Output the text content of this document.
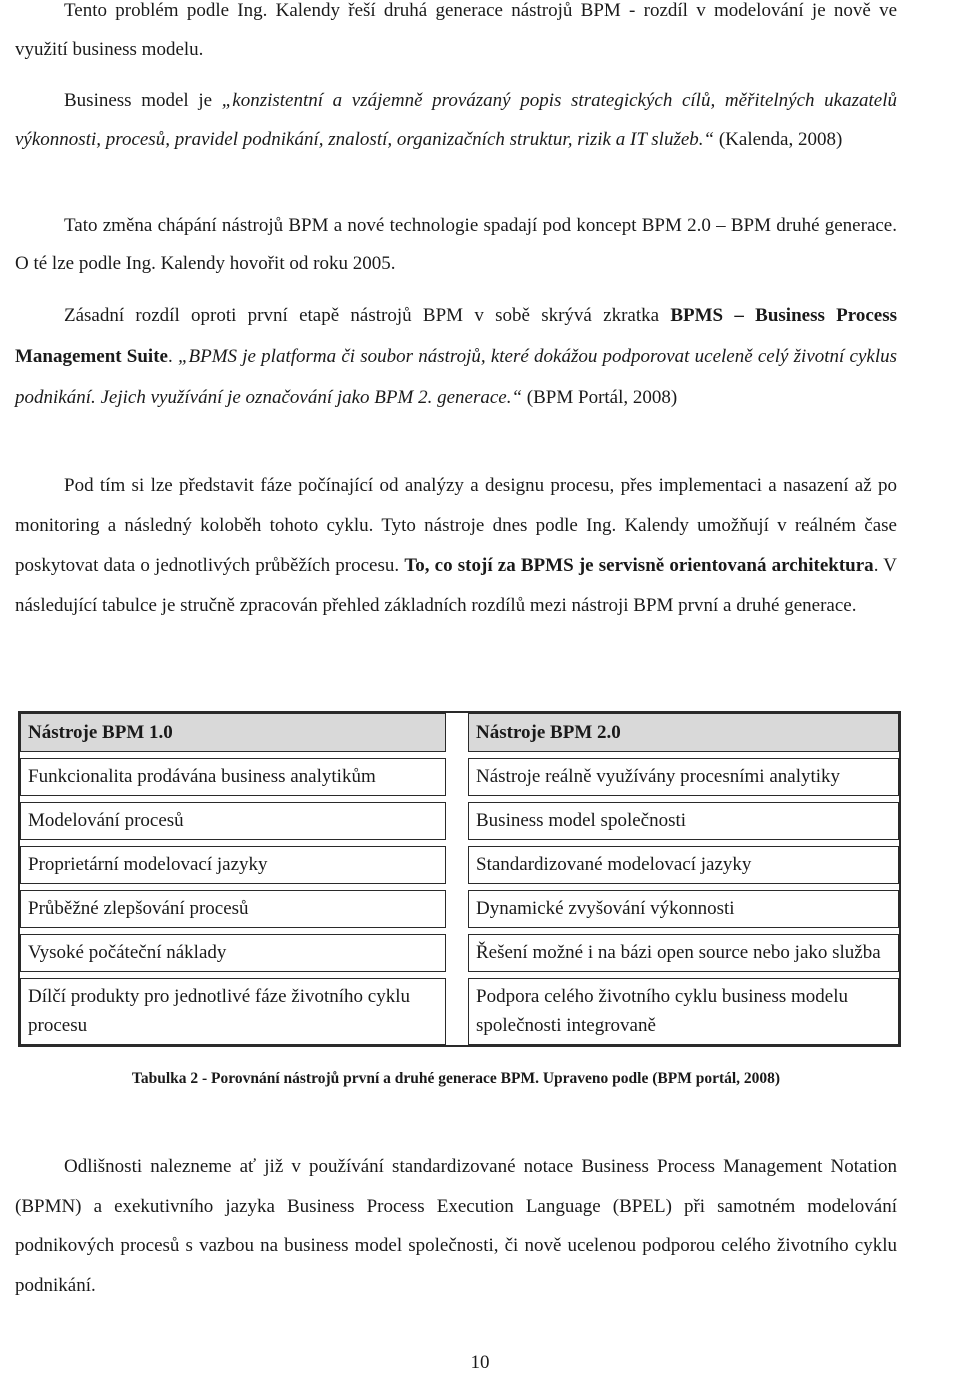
Tento problém podle Ing. Kalendy řeší druhá generace nástrojů BPM - rozdíl v modelování je nově ve využití business modelu.

Business model je „konzistentní a vzájemně provázaný popis strategických cílů, měřitelných ukazatelů výkonnosti, procesů, pravidel podnikání, znalostí, organizačních struktur, rizik a IT služeb.“ (Kalenda, 2008)

Tato změna chápání nástrojů BPM a nové technologie spadají pod koncept BPM 2.0 – BPM druhé generace. O té lze podle Ing. Kalendy hovořit od roku 2005.

Zásadní rozdíl oproti první etapě nástrojů BPM v sobě skrývá zkratka BPMS – Business Process Management Suite. „BPMS je platforma či soubor nástrojů, které dokážou podporovat uceleně celý životní cyklus podnikání. Jejich využívání je označování jako BPM 2. generace.“ (BPM Portál, 2008)

Pod tím si lze představit fáze počínající od analýzy a designu procesu, přes implementaci a nasazení až po monitoring a následný koloběh tohoto cyklu. Tyto nástroje dnes podle Ing. Kalendy umožňují v reálném čase poskytovat data o jednotlivých průběžích procesu. To, co stojí za BPMS je servisně orientovaná architektura. V následující tabulce je stručně zpracován přehled základních rozdílů mezi nástroji BPM první a druhé generace.

Nástroje BPM 1.0		Nástroje BPM 2.0

Funkcionalita prodávána business analytikům		Nástroje reálně využívány procesními analytiky

Modelování procesů		Business model společnosti

Proprietární modelovací jazyky		Standardizované modelovací jazyky

Průběžné zlepšování procesů		Dynamické zvyšování výkonnosti

Vysoké počáteční náklady		Řešení možné i na bázi open source nebo jako služba

Dílčí produkty pro jednotlivé fáze životního cyklu procesu		Podpora celého životního cyklu business modelu společnosti integrovaně
Tabulka 2 - Porovnání nástrojů první a druhé generace BPM. Upraveno podle (BPM portál, 2008)

Odlišnosti nalezneme ať již v používání standardizované notace Business Process Management Notation (BPMN) a exekutivního jazyka Business Process Execution Language (BPEL) při samotném modelování podnikových procesů s vazbou na business model společnosti, či nově ucelenou podporou celého životního cyklu podnikání.

10
